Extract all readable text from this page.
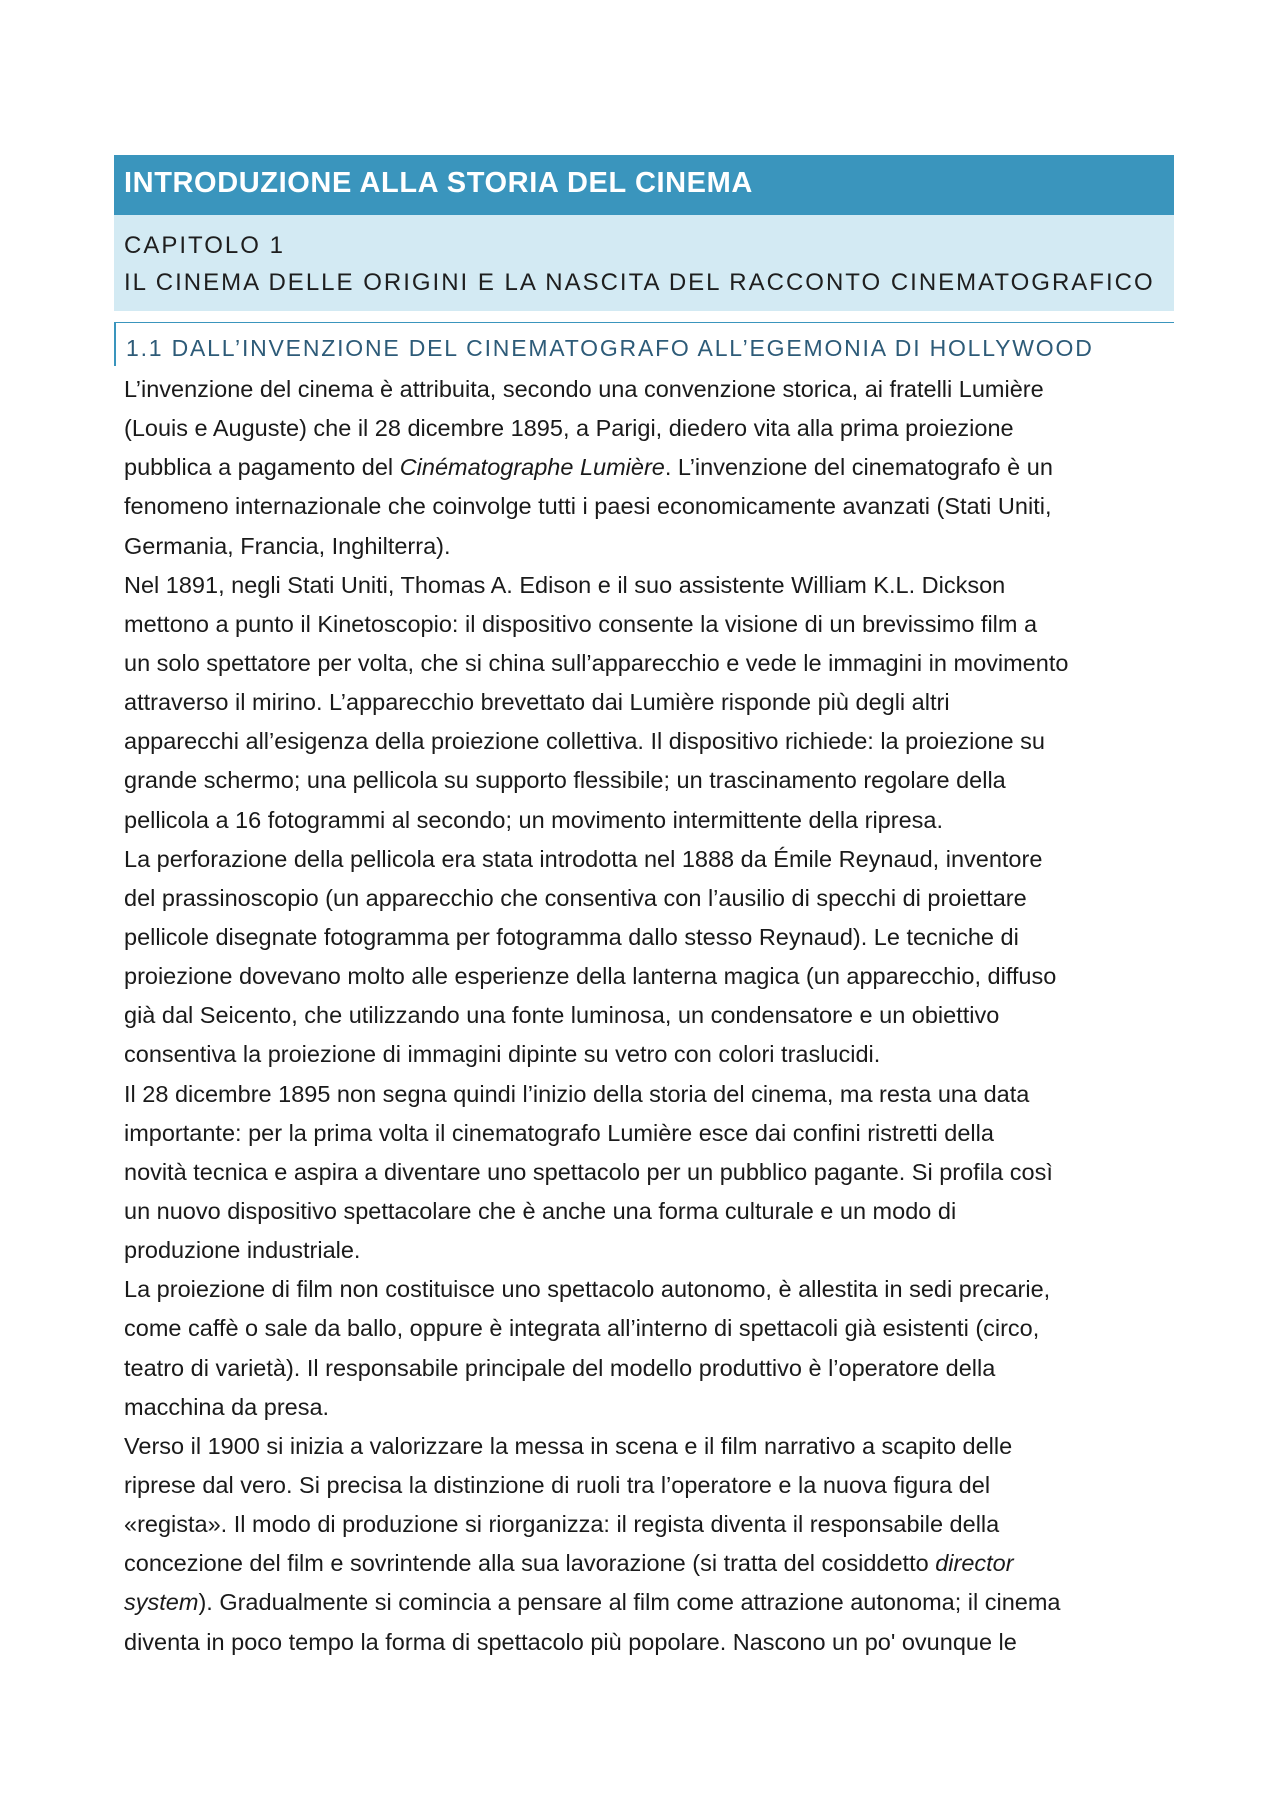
INTRODUZIONE ALLA STORIA DEL CINEMA
CAPITOLO 1
IL CINEMA DELLE ORIGINI E LA NASCITA DEL RACCONTO CINEMATOGRAFICO
1.1 DALL’INVENZIONE DEL CINEMATOGRAFO ALL’EGEMONIA DI HOLLYWOOD
L’invenzione del cinema è attribuita, secondo una convenzione storica, ai fratelli Lumière
(Louis e Auguste) che il 28 dicembre 1895, a Parigi, diedero vita alla prima proiezione
pubblica a pagamento del Cinématographe Lumière. L’invenzione del cinematografo è un
fenomeno internazionale che coinvolge tutti i paesi economicamente avanzati (Stati Uniti,
Germania, Francia, Inghilterra).
Nel 1891, negli Stati Uniti, Thomas A. Edison e il suo assistente William K.L. Dickson
mettono a punto il Kinetoscopio: il dispositivo consente la visione di un brevissimo film a
un solo spettatore per volta, che si china sull’apparecchio e vede le immagini in movimento
attraverso il mirino. L’apparecchio brevettato dai Lumière risponde più degli altri
apparecchi all’esigenza della proiezione collettiva. Il dispositivo richiede: la proiezione su
grande schermo; una pellicola su supporto flessibile; un trascinamento regolare della
pellicola a 16 fotogrammi al secondo; un movimento intermittente della ripresa.
La perforazione della pellicola era stata introdotta nel 1888 da Émile Reynaud, inventore
del prassinoscopio (un apparecchio che consentiva con l’ausilio di specchi di proiettare
pellicole disegnate fotogramma per fotogramma dallo stesso Reynaud). Le tecniche di
proiezione dovevano molto alle esperienze della lanterna magica (un apparecchio, diffuso
già dal Seicento, che utilizzando una fonte luminosa, un condensatore e un obiettivo
consentiva la proiezione di immagini dipinte su vetro con colori traslucidi.
Il 28 dicembre 1895 non segna quindi l’inizio della storia del cinema, ma resta una data
importante: per la prima volta il cinematografo Lumière esce dai confini ristretti della
novità tecnica e aspira a diventare uno spettacolo per un pubblico pagante. Si profila così
un nuovo dispositivo spettacolare che è anche una forma culturale e un modo di
produzione industriale.
La proiezione di film non costituisce uno spettacolo autonomo, è allestita in sedi precarie,
come caffè o sale da ballo, oppure è integrata all’interno di spettacoli già esistenti (circo,
teatro di varietà). Il responsabile principale del modello produttivo è l’operatore della
macchina da presa.
Verso il 1900 si inizia a valorizzare la messa in scena e il film narrativo a scapito delle
riprese dal vero. Si precisa la distinzione di ruoli tra l’operatore e la nuova figura del
«regista». Il modo di produzione si riorganizza: il regista diventa il responsabile della
concezione del film e sovrintende alla sua lavorazione (si tratta del cosiddetto director
system). Gradualmente si comincia a pensare al film come attrazione autonoma; il cinema
diventa in poco tempo la forma di spettacolo più popolare. Nascono un po' ovunque le
